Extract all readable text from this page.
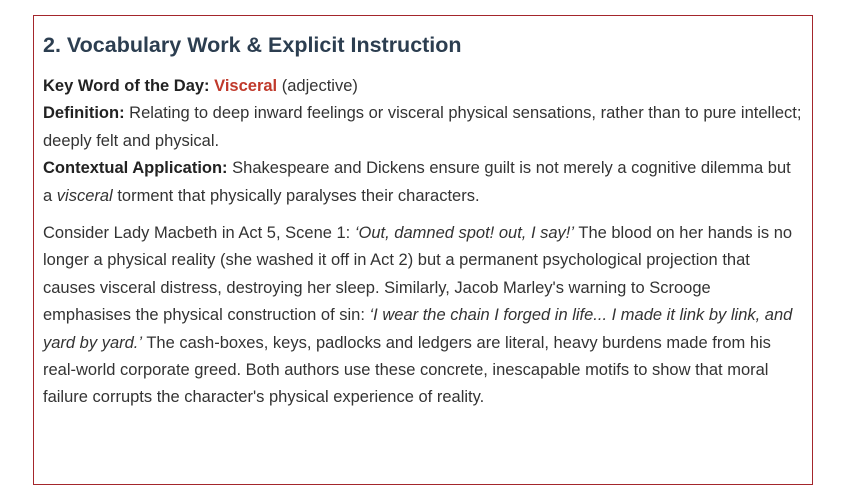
2. Vocabulary Work & Explicit Instruction

Key Word of the Day: Visceral (adjective)
Definition: Relating to deep inward feelings or visceral physical sensations, rather than to pure intellect; deeply felt and physical.
Contextual Application: Shakespeare and Dickens ensure guilt is not merely a cognitive dilemma but a visceral torment that physically paralyses their characters.

Consider Lady Macbeth in Act 5, Scene 1: ‘Out, damned spot! out, I say!’ The blood on her hands is no longer a physical reality (she washed it off in Act 2) but a permanent psychological projection that causes visceral distress, destroying her sleep. Similarly, Jacob Marley's warning to Scrooge emphasises the physical construction of sin: ‘I wear the chain I forged in life... I made it link by link, and yard by yard.’ The cash-boxes, keys, padlocks and ledgers are literal, heavy burdens made from his real-world corporate greed. Both authors use these concrete, inescapable motifs to show that moral failure corrupts the character's physical experience of reality.
